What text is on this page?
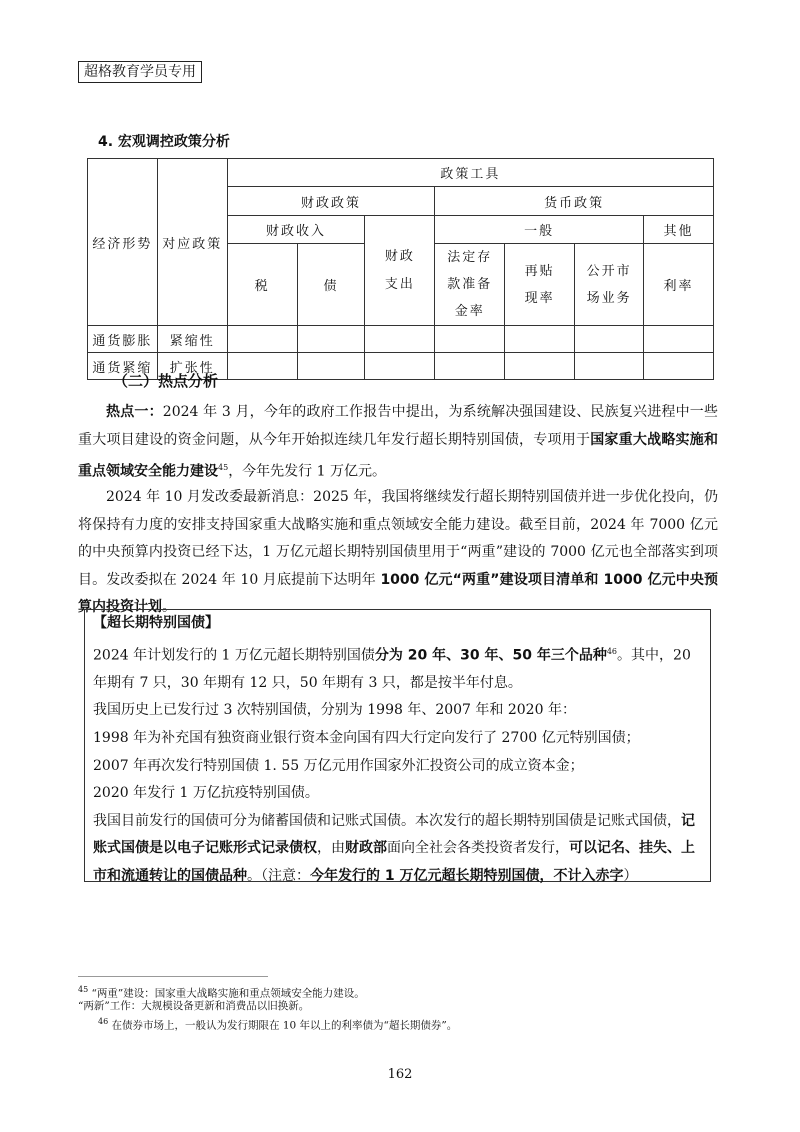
超格教育学员专用
4. 宏观调控政策分析
经济形势	对应政策	政策工具						
		财政政策			货币政策			
		财政收入		财政支出	一般			其他
		税	债		法定存款准备金率	再贴现率	公开市场业务	利率
通货膨胀	紧缩性							
通货紧缩	扩张性							
（二）热点分析
热点一：2024 年 3 月，今年的政府工作报告中提出，为系统解决强国建设、民族复兴进程中一些重大项目建设的资金问题，从今年开始拟连续几年发行超长期特别国债，专项用于国家重大战略实施和重点领域安全能力建设$^{45}$，今年先发行 1 万亿元。
2024 年 10 月发改委最新消息：2025 年，我国将继续发行超长期特别国债并进一步优化投向，仍将保持有力度的安排支持国家重大战略实施和重点领域安全能力建设。截至目前，2024 年 7000 亿元的中央预算内投资已经下达，1 万亿元超长期特别国债里用于“两重”建设的 7000 亿元也全部落实到项目。发改委拟在 2024 年 10 月底提前下达明年 1000 亿元“两重”建设项目清单和 1000 亿元中央预算内投资计划。
【超长期特别国债】
2024 年计划发行的 1 万亿元超长期特别国债分为 20 年、30 年、50 年三个品种$^{46}$。其中，20 年期有 7 只，30 年期有 12 只，50 年期有 3 只，都是按半年付息。
我国历史上已发行过 3 次特别国债，分别为 1998 年、2007 年和 2020 年：
1998 年为补充国有独资商业银行资本金向国有四大行定向发行了 2700 亿元特别国债；
2007 年再次发行特别国债 1. 55 万亿元用作国家外汇投资公司的成立资本金；
2020 年发行 1 万亿抗疫特别国债。
我国目前发行的国债可分为储蓄国债和记账式国债。本次发行的超长期特别国债是记账式国债，记账式国债是以电子记账形式记录债权，由财政部面向全社会各类投资者发行，可以记名、挂失、上市和流通转让的国债品种。（注意：今年发行的 1 万亿元超长期特别国债，不计入赤字）
$^{45}$ “两重”建设：国家重大战略实施和重点领域安全能力建设。
“两新”工作：大规模设备更新和消费品以旧换新。
$^{46}$ 在债券市场上，一般认为发行期限在 10 年以上的利率债为“超长期债券”。
162
